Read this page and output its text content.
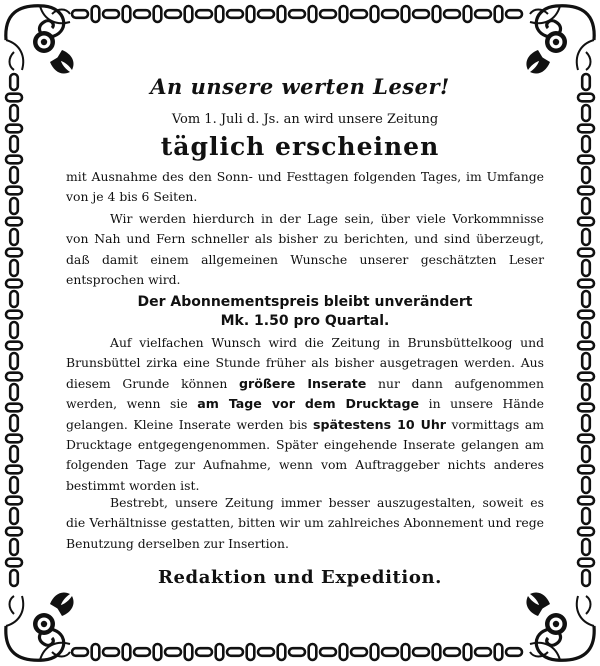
An unsere werten Leser!
Vom 1. Juli d. Js. an wird unsere Zeitung
täglich erscheinen
mit Ausnahme des den Sonn- und Festtagen folgenden Tages, im Umfange von je 4 bis 6 Seiten.
Wir werden hierdurch in der Lage sein, über viele Vorkommnisse von Nah und Fern schneller als bisher zu berichten, und sind überzeugt, daß damit einem allgemeinen Wunsche unserer geschätzten Leser entsprochen wird.
Der Abonnementspreis bleibt unverändert
Mk. 1.50 pro Quartal.
Auf vielfachen Wunsch wird die Zeitung in Brunsbüttelkoog und Brunsbüttel zirka eine Stunde früher als bisher ausgetragen werden. Aus diesem Grunde können größere Inserate nur dann aufgenommen werden, wenn sie am Tage vor dem Drucktage in unsere Hände gelangen. Kleine Inserate werden bis spätestens 10 Uhr vormittags am Drucktage entgegengenommen. Später eingehende Inserate gelangen am folgenden Tage zur Aufnahme, wenn vom Auftraggeber nichts anderes bestimmt worden ist.
Bestrebt, unsere Zeitung immer besser auszugestalten, soweit es die Verhältnisse gestatten, bitten wir um zahlreiches Abonnement und rege Benutzung derselben zur Insertion.
Redaktion und Expedition.
